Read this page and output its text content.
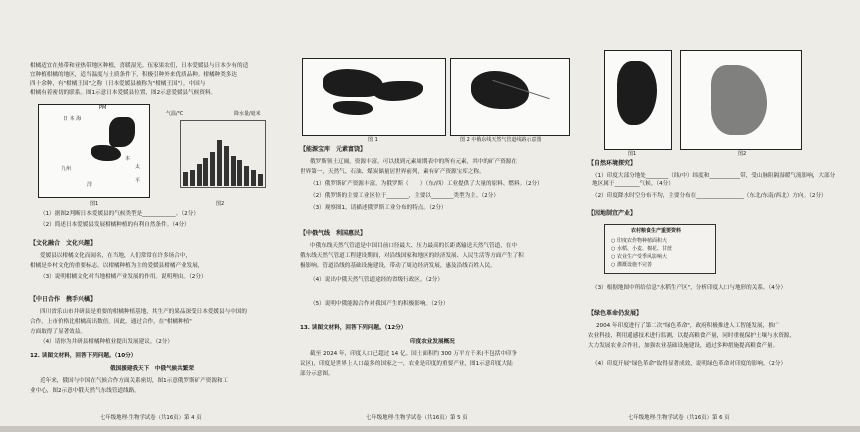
柑橘适宜在热带和亚热带地区种植，喜暖湿光。伍家果农们，日本爱媛县与日本少有的适
宜种植柑橘的地区，适当温度与土质条件下，积极引种外来优质品种。柑橘种类多达
四十余种，有"柑橘王国"之称（日本爱媛县被称为"柑橘王国"）。中国与
柑橘有着密切的联系。图1示意日本爱媛县位置，图2示意爱媛县气候资料。
PM
日 本 海
九州
本
洋
太
平
气温/℃	降水量/毫米
图1	图2
（1）据图2判断日本爱媛县的气候类型是____________。（2分）
（2）简述日本爱媛县发展柑橘种植的有利自然条件。（4分）
【文化融合　文化兴趣】
爱媛县以柑橘文化而闻名，在当地，人们常常在许多场合中，
柑橘是乡村文化的重要标志。以柑橘种植为主的爱媛县柑橘产业发展，
（3）说明柑橘文化对当地柑橘产业发展的作用。说明理由。（2分）
【中日合作　携手兴橘】
四川省乐山市井研县是重要的柑橘种植基地，其生产的果品深受日本爱媛县与中国的
合作，上市价格比柑橘高出数倍。因此，通过合作，在"柑橘种植"
方面取得了显著效益。
（4）请你为井研县柑橘种植业提出发展建议。（2分）
12. 读图文材料，回答下列问题。（10分）
俄国援建我天下　中俄气候共繁荣
近年来，俄国与中国在气候合作方面关系密切，图1示意俄罗斯矿产资源和工
业中心，图2示意中俄天然气东线管道线路。
七年级地理·生物学试卷（共16页）第 4 页
图 1	图 2 中俄东线天然气管道线路示意图
【能源宝库　元素富饶】
俄罗斯领土辽阔，资源丰富，可以找到元素周期表中的所有元素，其中的矿产资源在
世界第一，天然气、石油、煤炭储量居世界前列，素有矿产资源宝库之称。
（1）俄罗斯矿产资源丰富，为俄罗斯（　　）（东/西）工业提供了大量的原料、燃料。（2分）
（2）俄罗斯的主要工业区位于________，主要以________类型为主。（2分）
（3）观察图1，请描述俄罗斯工业分布的特点。（2分）
【中俄气线　利国惠民】
中俄东线天然气管道是中国目前口径最大、压力最高的长距离输送天然气管道，在中
俄东线天然气管道工程建设期间，对沿线国家和地区的经济发展、人民生活等方面产生了积
极影响。管道沿线的基础设施建设，带动了周边经济发展，惠及沿线百姓人民。
（4）说出中俄天然气管道途经的省级行政区。（2分）
（5）说明中俄能源合作对我国产生的积极影响。（2分）
13. 读图文材料，回答下列问题。（12分）
印度农业发展概况
截至 2024 年，印度人口已超过 14 亿。国土面积约 300 万平方千米(不包括中印争
议区)，印度是世界上人口最多的国家之一，农业是印度的重要产业，图1示意印度大陆
部分示意图。
七年级地理·生物学试卷（共16页）第 5 页
图1	图2
【自然环境探究】
（1）印度大部分地处________（纬/中）纬度和___________带，受山脉阻隔湿暖气流影响，大部分地区属于_________气候。（4分）
（2）印度降水时空分布不均，主要分布在_________________（东北/东南/西北）方向。（2分）
【因地制宜产业】
农村粮食生产重要资料
○ 印度农作物种植面积大
○ 水稻、小麦、棉花、甘蔗
○ 农业生产受季风影响大
○ 灌溉设施不完善
（3）根据地图中所给信息"水稻生产区"，分析印度人口与地形的关系。（4分）
【绿色革命仍发展】
2004 年印度进行了第二次"绿色革命"，政府积极推进人工智能发展，推广
农业科技，利用遥感技术进行监测，以提高粮食产量，同时重视保护土壤与水资源，
大力发展农业合作社，加强农业基础设施建设，通过多种措施提高粮食产量。
（4）印度开展"绿色革命"取得显著成效，说明绿色革命对印度的影响。（2分）
七年级地理·生物学试卷（共16页）第 6 页
